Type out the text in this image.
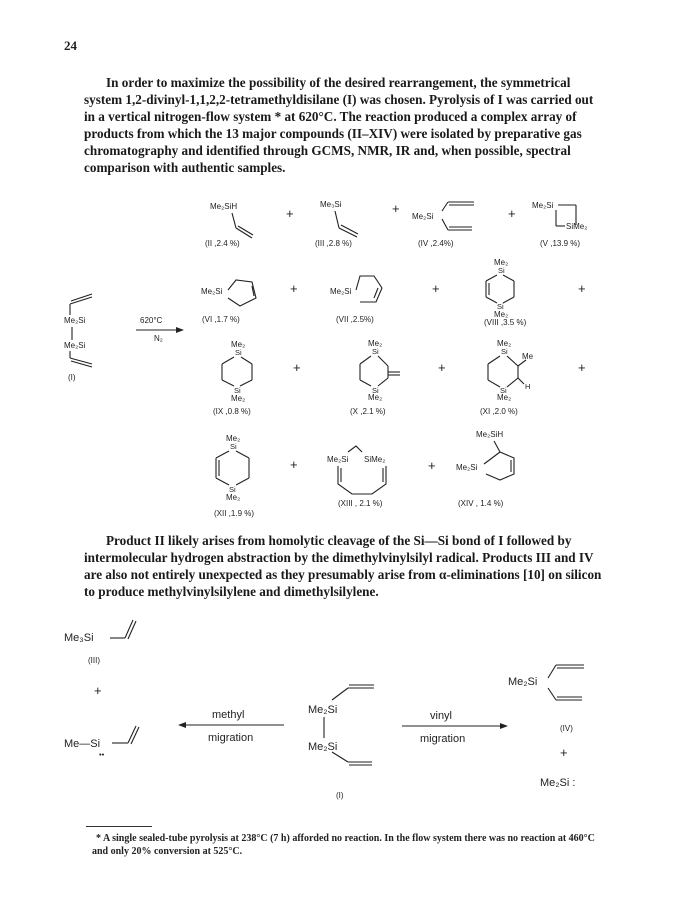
24

In order to maximize the possibility of the desired rearrangement, the symmetrical system 1,2-divinyl-1,1,2,2-tetramethyldisilane (I) was chosen. Pyrolysis of I was carried out in a vertical nitrogen-flow system * at 620°C. The reaction produced a complex array of products from which the 13 major compounds (II–XIV) were isolated by preparative gas chromatography and identified through GCMS, NMR, IR and, when possible, spectral comparison with authentic samples.

Me₂SiH	+
(II ,2.4 %)
Me₃Si	+
(III ,2.8 %)
Me₂Si	+
(IV ,2.4%)
Me₂Si
SiMe₂
(V ,13.9 %)
Me₂Si	+
(VI ,1.7 %)
Me₂Si	+
(VII ,2.5%)
Me₂
Si
Si
Me₂
+
(VIII ,3.5 %)
Me₂Si
Me₂Si
(I)
620°C
N₂
Me₂
Si
Si
Me₂
+
(IX ,0.8 %)
Me₂
Si
Si
Me₂
+
(X ,2.1 %)
Me₂
Si
Me
H
Si
Me₂
+
(XI ,2.0 %)
Me₂
Si
Si
Me₂
+
(XII ,1.9 %)
Me₂Si SiMe₂	+
(XIII , 2.1 %)
Me₂SiH
Me₂Si
(XIV , 1.4 %)

Product II likely arises from homolytic cleavage of the Si—Si bond of I followed by intermolecular hydrogen abstraction by the dimethylvinylsilyl radical. Products III and IV are also not entirely unexpected as they presumably arise from α-eliminations [10] on silicon to produce methylvinylsilylene and dimethylsilylene.

Me₃Si
(III)
+
Me—Si
••
methyl
migration
Me₂Si
Me₂Si
(I)
vinyl
migration
Me₂Si
(IV)
+
Me₂Si :

* A single sealed-tube pyrolysis at 238°C (7 h) afforded no reaction. In the flow system there was no reaction at 460°C and only 20% conversion at 525°C.
